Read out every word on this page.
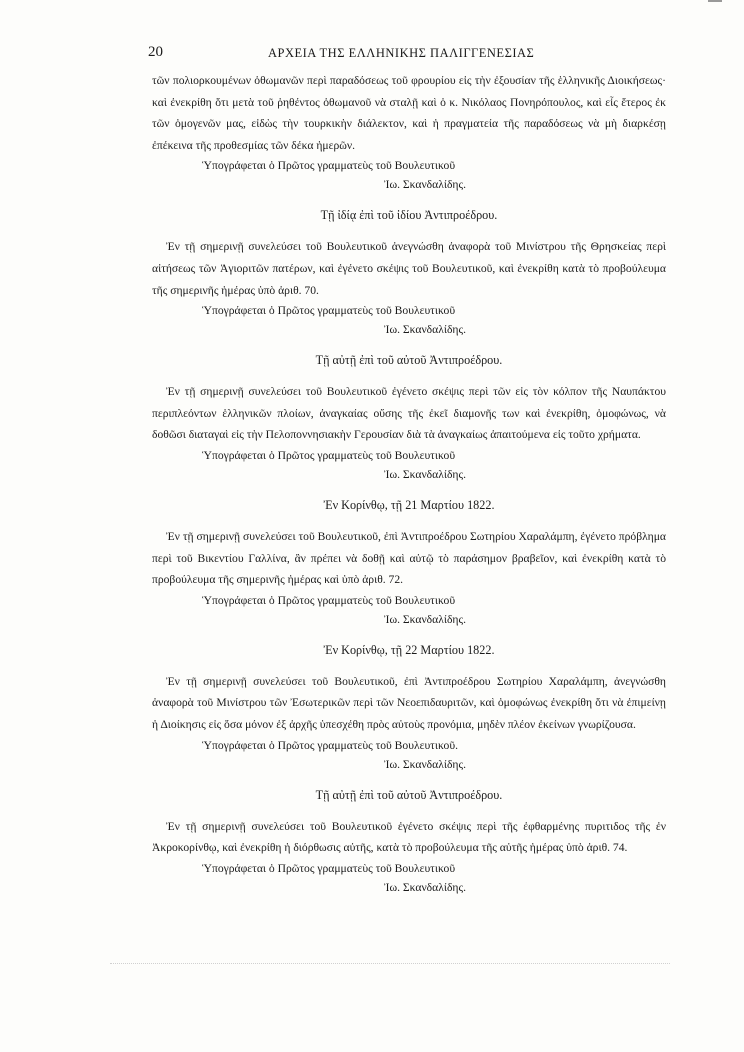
20	ΑΡΧΕΙΑ ΤΗΣ ΕΛΛΗΝΙΚΗΣ ΠΑΛΙΓΓΕΝΕΣΙΑΣ

τῶν πολιορκουμένων ὀθωμανῶν περὶ παραδόσεως τοῦ φρουρίου εἰς τὴν ἐξουσίαν τῆς ἑλληνικῆς Διοικήσεως· καὶ ἐνεκρίθη ὅτι μετὰ τοῦ ῥηθέντος ὀθωμανοῦ νὰ σταλῇ καὶ ὁ κ. Νικόλαος Πονηρόπουλος, καὶ εἷς ἕτερος ἐκ τῶν ὁμογενῶν μας, εἰδὼς τὴν τουρκικὴν διάλεκτον, καὶ ἡ πραγματεία τῆς παραδόσεως νὰ μὴ διαρκέσῃ ἐπέκεινα τῆς προθεσμίας τῶν δέκα ἡμερῶν.

Ὑπογράφεται ὁ Πρῶτος γραμματεὺς τοῦ Βουλευτικοῦ

Ἰω. Σκανδαλίδης.

Τῇ ἰδίᾳ ἐπὶ τοῦ ἰδίου Ἀντιπροέδρου.

Ἐν τῇ σημερινῇ συνελεύσει τοῦ Βουλευτικοῦ ἀνεγνώσθη ἀναφορὰ τοῦ Μινίστρου τῆς Θρησκείας περὶ αἰτήσεως τῶν Ἁγιοριτῶν πατέρων, καὶ ἐγένετο σκέψις τοῦ Βουλευτικοῦ, καὶ ἐνεκρίθη κατὰ τὸ προβούλευμα τῆς σημερινῆς ἡμέρας ὑπὸ ἀριθ. 70.

Ὑπογράφεται ὁ Πρῶτος γραμματεὺς τοῦ Βουλευτικοῦ

Ἰω. Σκανδαλίδης.

Τῇ αὐτῇ ἐπὶ τοῦ αὐτοῦ Ἀντιπροέδρου.

Ἐν τῇ σημερινῇ συνελεύσει τοῦ Βουλευτικοῦ ἐγένετο σκέψις περὶ τῶν εἰς τὸν κόλπον τῆς Ναυπάκτου περιπλεόντων ἑλληνικῶν πλοίων, ἀναγκαίας οὔσης τῆς ἐκεῖ διαμονῆς των καὶ ἐνεκρίθη, ὁμοφώνως, νὰ δοθῶσι διαταγαὶ εἰς τὴν Πελοποννησιακὴν Γερουσίαν διὰ τὰ ἀναγκαίως ἀπαιτούμενα εἰς τοῦτο χρήματα.

Ὑπογράφεται ὁ Πρῶτος γραμματεὺς τοῦ Βουλευτικοῦ

Ἰω. Σκανδαλίδης.

Ἐν Κορίνθῳ, τῇ 21 Μαρτίου 1822.

Ἐν τῇ σημερινῇ συνελεύσει τοῦ Βουλευτικοῦ, ἐπὶ Ἀντιπροέδρου Σωτηρίου Χαραλάμπη, ἐγένετο πρόβλημα περὶ τοῦ Βικεντίου Γαλλίνα, ἂν πρέπει νὰ δοθῇ καὶ αὐτῷ τὸ παράσημον βραβεῖον, καὶ ἐνεκρίθη κατὰ τὸ προβούλευμα τῆς σημερινῆς ἡμέρας καὶ ὑπὸ ἀριθ. 72.

Ὑπογράφεται ὁ Πρῶτος γραμματεὺς τοῦ Βουλευτικοῦ

Ἰω. Σκανδαλίδης.

Ἐν Κορίνθῳ, τῇ 22 Μαρτίου 1822.

Ἐν τῇ σημερινῇ συνελεύσει τοῦ Βουλευτικοῦ, ἐπὶ Ἀντιπροέδρου Σωτηρίου Χαραλάμπη, ἀνεγνώσθη ἀναφορὰ τοῦ Μινίστρου τῶν Ἐσωτερικῶν περὶ τῶν Νεοεπιδαυριτῶν, καὶ ὁμοφώνως ἐνεκρίθη ὅτι νὰ ἐπιμείνῃ ἡ Διοίκησις εἰς ὅσα μόνον ἐξ ἀρχῆς ὑπεσχέθη πρὸς αὐτοὺς προνόμια, μηδὲν πλέον ἐκείνων γνωρίζουσα.

Ὑπογράφεται ὁ Πρῶτος γραμματεὺς τοῦ Βουλευτικοῦ.

Ἰω. Σκανδαλίδης.

Τῇ αὐτῇ ἐπὶ τοῦ αὐτοῦ Ἀντιπροέδρου.

Ἐν τῇ σημερινῇ συνελεύσει τοῦ Βουλευτικοῦ ἐγένετο σκέψις περὶ τῆς ἐφθαρμένης πυριτιδος τῆς ἐν Ἀκροκορίνθῳ, καὶ ἐνεκρίθη ἡ διόρθωσις αὐτῆς, κατὰ τὸ προβούλευμα τῆς αὐτῆς ἡμέρας ὑπὸ ἀριθ. 74.

Ὑπογράφεται ὁ Πρῶτος γραμματεὺς τοῦ Βουλευτικοῦ

Ἰω. Σκανδαλίδης.
